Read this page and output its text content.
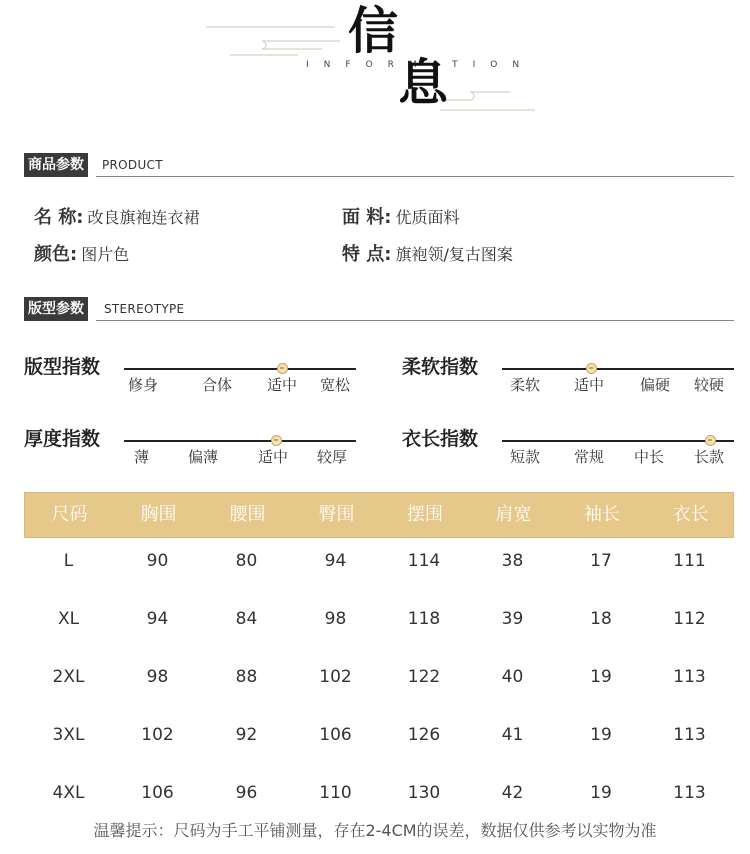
信
INFORMATION
息
商品参数	PRODUCT
名 称: 改良旗袍连衣裙	面 料: 优质面料
颜色: 图片色	特 点: 旗袍领/复古图案
版型参数	STEREOTYPE
版型指数
修身	合体 适中 宽松
柔软指数
柔软 适中 偏硬 较硬
厚度指数
薄	偏薄	适中 较厚
衣长指数
短款 常规 中长 长款
尺码	胸围	腰围	臀围	摆围	肩宽	袖长	衣长
L	90	80	94	114	38	17	111
XL	94	84	98	118	39	18	112
2XL	98	88	102	122	40	19	113
3XL	102	92	106	126	41	19	113
4XL	106	96	110	130	42	19	113
温馨提示：尺码为手工平铺测量，存在2-4CM的误差，数据仅供参考以实物为准
